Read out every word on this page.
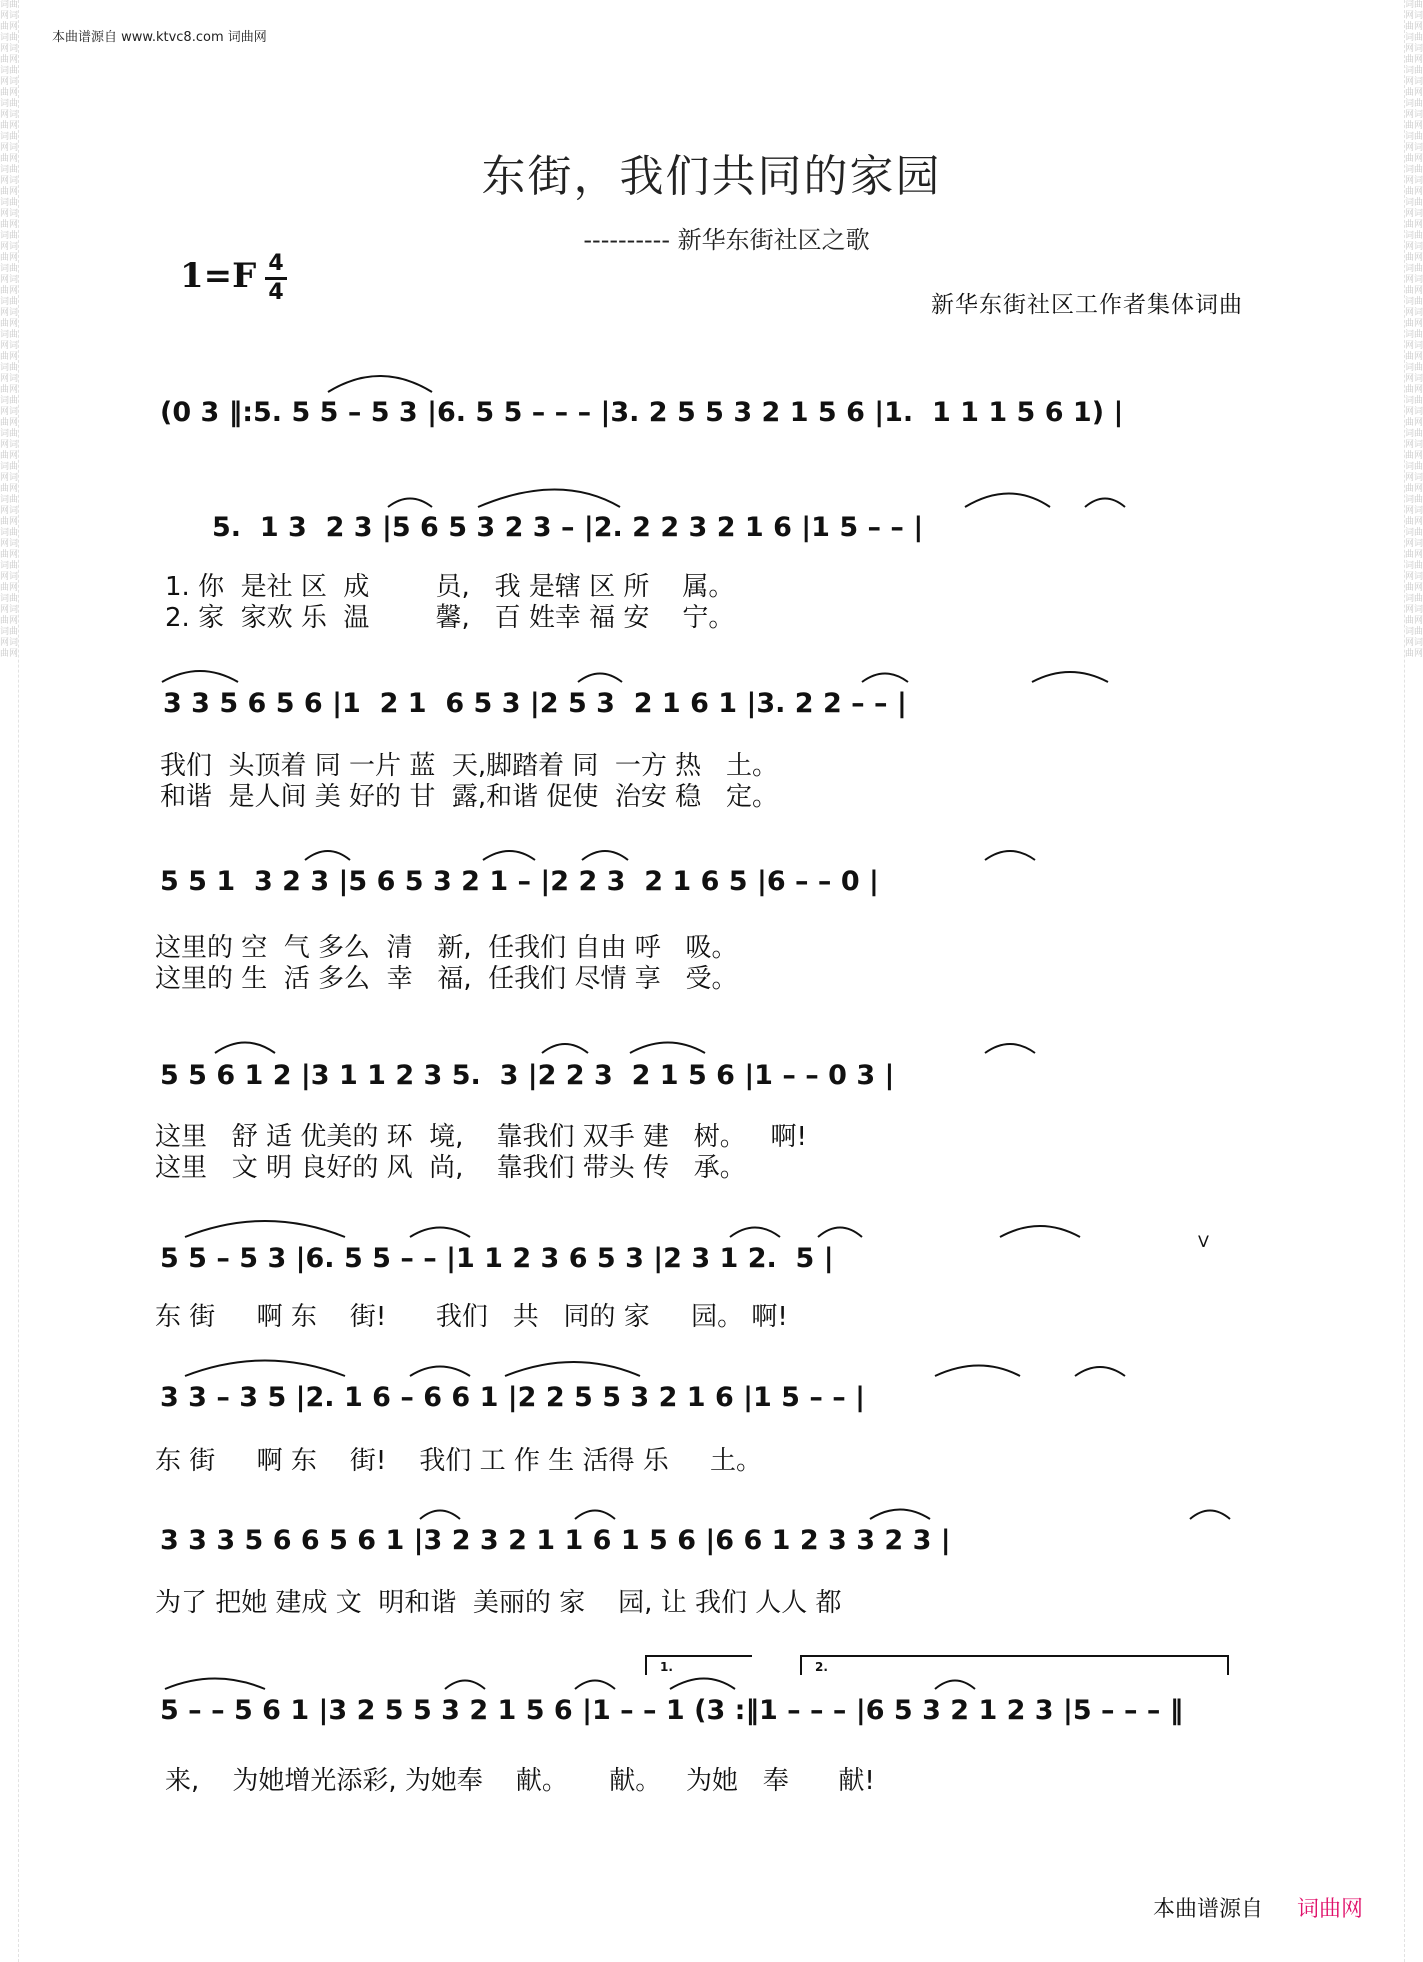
词曲网词曲网词曲网词曲网词曲网词曲网词曲网词曲网词曲网词曲网词曲网词曲网词曲网词曲网词曲网词曲网词曲网词曲网词曲网词曲网词曲网词曲网词曲网词曲网词曲网词曲网词曲网词曲网词曲网词曲网词曲网词曲网词曲网词曲网词曲网词曲网词曲网词曲网词曲网词曲网
词曲网词曲网词曲网词曲网词曲网词曲网词曲网词曲网词曲网词曲网词曲网词曲网词曲网词曲网词曲网词曲网词曲网词曲网词曲网词曲网词曲网词曲网词曲网词曲网词曲网词曲网词曲网词曲网词曲网词曲网词曲网词曲网词曲网词曲网词曲网词曲网词曲网词曲网词曲网词曲网
本曲谱源自 www.ktvc8.com 词曲网
东街，我们共同的家园
---------- 新华东街社区之歌
1=F 4
4	新华东街社区工作者集体词曲
(0 3 ‖:5. 5 5 – 5 3 |6. 5 5 – – – |3. 2 5 5 3 2 1 5 6 |1.  1 1 1 5 6 1) |
5.  1 3  2 3 |5 6 5 3 2 3 – |2. 2 2 3 2 1 6 |1 5 – – |
1. 你  是社 区  成        员,   我 是辖 区 所    属。
2. 家  家欢 乐  温        馨,   百 姓幸 福 安    宁。
3 3 5 6 5 6 |1  2 1  6 5 3 |2 5 3  2 1 6 1 |3. 2 2 – – |
我们  头顶着 同 一片 蓝  天,脚踏着 同  一方 热   土。
和谐  是人间 美 好的 甘  露,和谐 促使  治安 稳   定。
5 5 1  3 2 3 |5 6 5 3 2 1 – |2 2 3  2 1 6 5 |6 – – 0 |
这里的 空  气 多么  清   新,  任我们 自由 呼   吸。
这里的 生  活 多么  幸   福,  任我们 尽情 享   受。
5 5 6 1 2 |3 1 1 2 3 5.  3 |2 2 3  2 1 5 6 |1 – – 0 3 |
这里   舒 适 优美的 环  境,    靠我们 双手 建   树。   啊!
这里   文 明 良好的 风  尚,    靠我们 带头 传   承。
5 5 – 5 3 |6. 5 5 – – |1 1 2 3 6 5 3 |2 3 1 2.  5 |
东 街     啊 东    街!      我们   共   同的 家     园。 啊!
3 3 – 3 5 |2. 1 6 – 6 6 1 |2 2 5 5 3 2 1 6 |1 5 – – |
东 街     啊 东    街!    我们 工 作 生 活得 乐     土。
3 3 3 5 6 6 5 6 1 |3 2 3 2 1 1 6 1 5 6 |6 6 1 2 3 3 2 3 |
为了 把她 建成 文  明和谐  美丽的 家    园, 让 我们 人人 都
5 – – 5 6 1 |3 2 5 5 3 2 1 5 6 |1 – – 1 (3 :‖1 – – – |6 5 3 2 1 2 3 |5 – – – ‖
来,    为她增光添彩, 为她奉    献。     献。   为她   奉      献!
1.	2.
V
本曲谱源自 词曲网
